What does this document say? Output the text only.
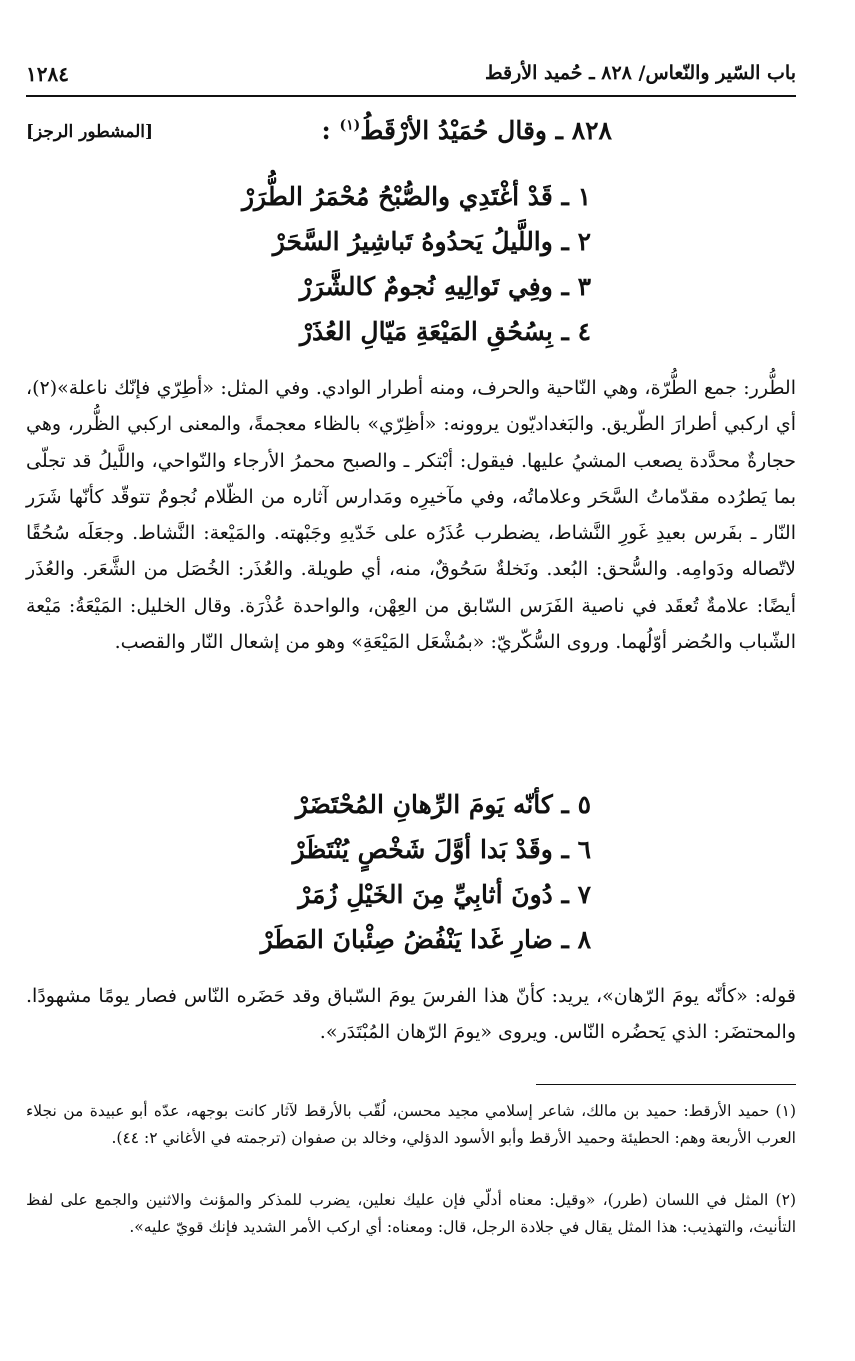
باب السّير والنّعاس/ ٨٢٨ ـ حُميد الأرقط
١٢٨٤
٨٢٨ ـ وقال حُمَيْدُ الأرْقَطُ$^{(١)}$ :
[المشطور الرجز]
١ ـ قَدْ أغْتَدِي والصُّبْحُ مُحْمَرُ الطُّرَرْ
٢ ـ واللَّيلُ يَحدُوهُ تَباشِيرُ السَّحَرْ
٣ ـ وفِي تَوالِيهِ نُجومٌ كالشَّرَرْ
٤ ـ بِسُحُقِ المَيْعَةِ مَيّالِ العُذَرْ

الطُّرر: جمع الطُّرّة، وهي النّاحية والحرف، ومنه أطرار الوادي. وفي المثل: «أطِرّي فإنّك ناعلة»(٢)، أي اركبي أطرارَ الطّريق. والبَغداديّون يروونه: «أظِرّي» بالظاء معجمةً، والمعنى اركبي الظُّرر، وهي حجارةٌ محدَّدة يصعب المشيُ عليها. فيقول: أبْتكر ـ والصبح محمرُ الأرجاء والنّواحي، واللَّيلُ قد تجلّى بما يَطرُده مقدّماتُ السَّحَر وعلاماتُه، وفي مآخيرِه ومَدارس آثاره من الظّلام نُجومٌ تتوقّد كأنّها شَرَر النّار ـ بفَرس بعيدِ غَورِ النَّشاط، يضطرب عُذَرُه على خَدّيهِ وجَبْهته. والمَيْعة: النَّشاط. وجعَلَه سُحُقًا لاتّصاله ودَوامِه. والسُّحق: البُعد. ونَخلةٌ سَحُوقٌ، منه، أي طويلة. والعُذَر: الخُصَل من الشَّعَر. والعُذَر أيضًا: علامةٌ تُعقَد في ناصية الفَرَس السّابق من العِهْن، والواحدة عُذْرَة. وقال الخليل: المَيْعَةُ: مَيْعة الشّباب والحُضر أوّلُهما. وروى السُّكّريّ: «بمُشْعَل المَيْعَةِ» وهو من إشعال النّار والقصب.

٥ ـ كأنّه يَومَ الرِّهانِ المُحْتَضَرْ
٦ ـ وقَدْ بَدا أوَّلَ شَخْصٍ يُنْتَظَرْ
٧ ـ دُونَ أثابِيِّ مِنَ الخَيْلِ زُمَرْ
٨ ـ ضارِ غَدا يَنْفُضُ صِئْبانَ المَطَرْ

قوله: «كأنّه يومَ الرّهان»، يريد: كأنّ هذا الفرسَ يومَ السّباق وقد حَضَره النّاس فصار يومًا مشهودًا. والمحتضَر: الذي يَحضُره النّاس. ويروى «يومَ الرّهان المُبْتَدَر».

(١) حميد الأرقط: حميد بن مالك، شاعر إسلامي مجيد محسن، لُقّب بالأرقط لآثار كانت بوجهه، عدّه أبو عبيدة من نجلاء العرب الأربعة وهم: الحطيئة وحميد الأرقط وأبو الأسود الدؤلي، وخالد بن صفوان (ترجمته في الأغاني ٢: ٤٤).
(٢) المثل في اللسان (طرر)، «وقيل: معناه أدلّي فإن عليك نعلين، يضرب للمذكر والمؤنث والاثنين والجمع على لفظ التأنيث، والتهذيب: هذا المثل يقال في جلادة الرجل، قال: ومعناه: أي اركب الأمر الشديد فإنك قويّ عليه».
